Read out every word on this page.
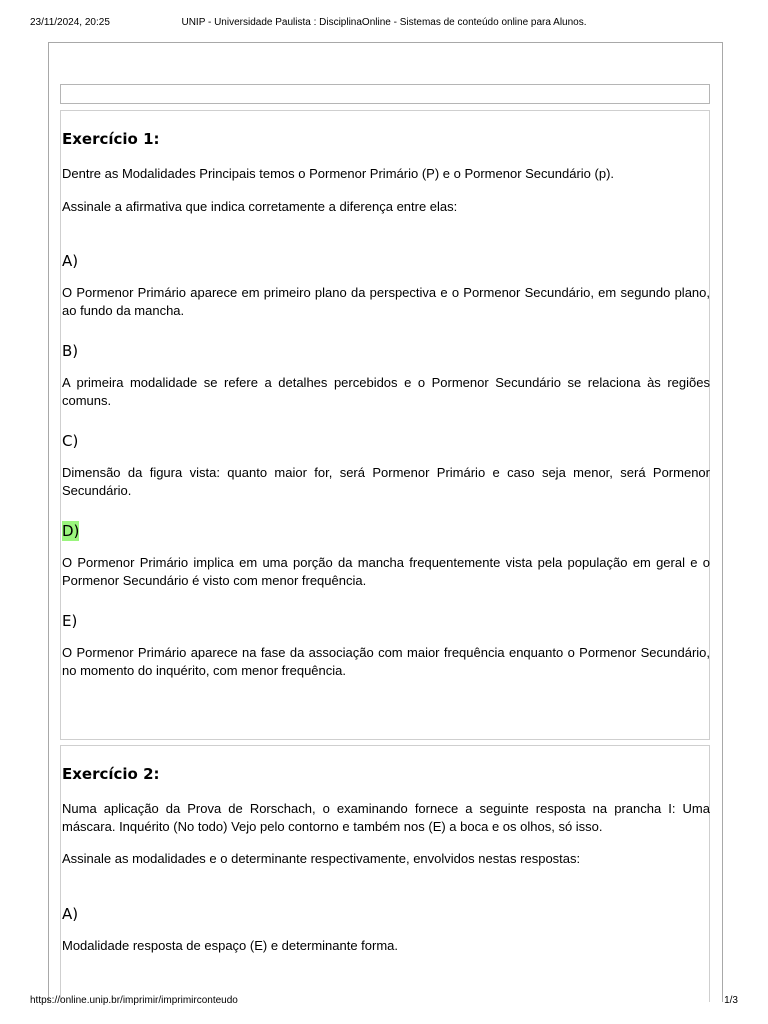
23/11/2024, 20:25	UNIP - Universidade Paulista : DisciplinaOnline - Sistemas de conteúdo online para Alunos.
Exercício 1:

Dentre as Modalidades Principais temos o Pormenor Primário (P) e o Pormenor Secundário (p).

Assinale a afirmativa que indica corretamente a diferença entre elas:

A)

O Pormenor Primário aparece em primeiro plano da perspectiva e o Pormenor Secundário, em segundo plano, ao fundo da mancha.

B)

A primeira modalidade se refere a detalhes percebidos e o Pormenor Secundário se relaciona às regiões comuns.

C)

Dimensão da figura vista: quanto maior for, será Pormenor Primário e caso seja menor, será Pormenor Secundário.

D)

O Pormenor Primário implica em uma porção da mancha frequentemente vista pela população em geral e o Pormenor Secundário é visto com menor frequência.

E)

O Pormenor Primário aparece na fase da associação com maior frequência enquanto o Pormenor Secundário, no momento do inquérito, com menor frequência.

Exercício 2:

Numa aplicação da Prova de Rorschach, o examinando fornece a seguinte resposta na prancha I: Uma máscara. Inquérito (No todo) Vejo pelo contorno e também nos (E) a boca e os olhos, só isso.

Assinale as modalidades e o determinante respectivamente, envolvidos nestas respostas:

A)

Modalidade resposta de espaço (E) e determinante forma.

https://online.unip.br/imprimir/imprimirconteudo	1/3
